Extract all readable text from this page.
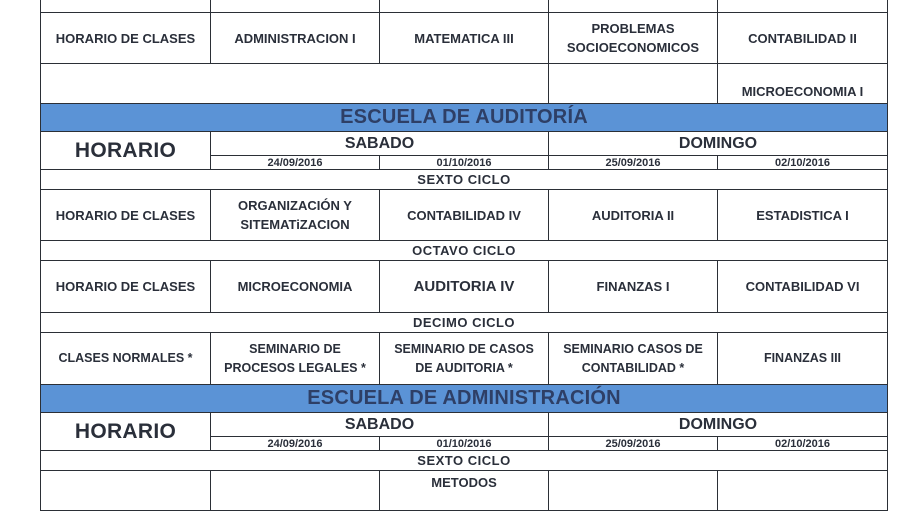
HORARIO DE CLASES	ADMINISTRACION I	MATEMATICA III	PROBLEMAS SOCIOECONOMICOS	CONTABILIDAD II
				MICROECONOMIA I
ESCUELA DE AUDITORÍA				
HORARIO	SABADO		DOMINGO	
	24/09/2016	01/10/2016	25/09/2016	02/10/2016
SEXTO CICLO				
HORARIO DE CLASES	ORGANIZACIÓN Y SITEMATiZACION	CONTABILIDAD IV	AUDITORIA II	ESTADISTICA I
OCTAVO CICLO				
HORARIO DE CLASES	MICROECONOMIA	AUDITORIA IV	FINANZAS I	CONTABILIDAD VI
DECIMO CICLO				
CLASES NORMALES *	SEMINARIO DE PROCESOS LEGALES *	SEMINARIO DE CASOS DE AUDITORIA *	SEMINARIO CASOS DE CONTABILIDAD *	FINANZAS III
ESCUELA DE ADMINISTRACIÓN				
HORARIO	SABADO		DOMINGO	
	24/09/2016	01/10/2016	25/09/2016	02/10/2016
SEXTO CICLO				
		METODOS		
